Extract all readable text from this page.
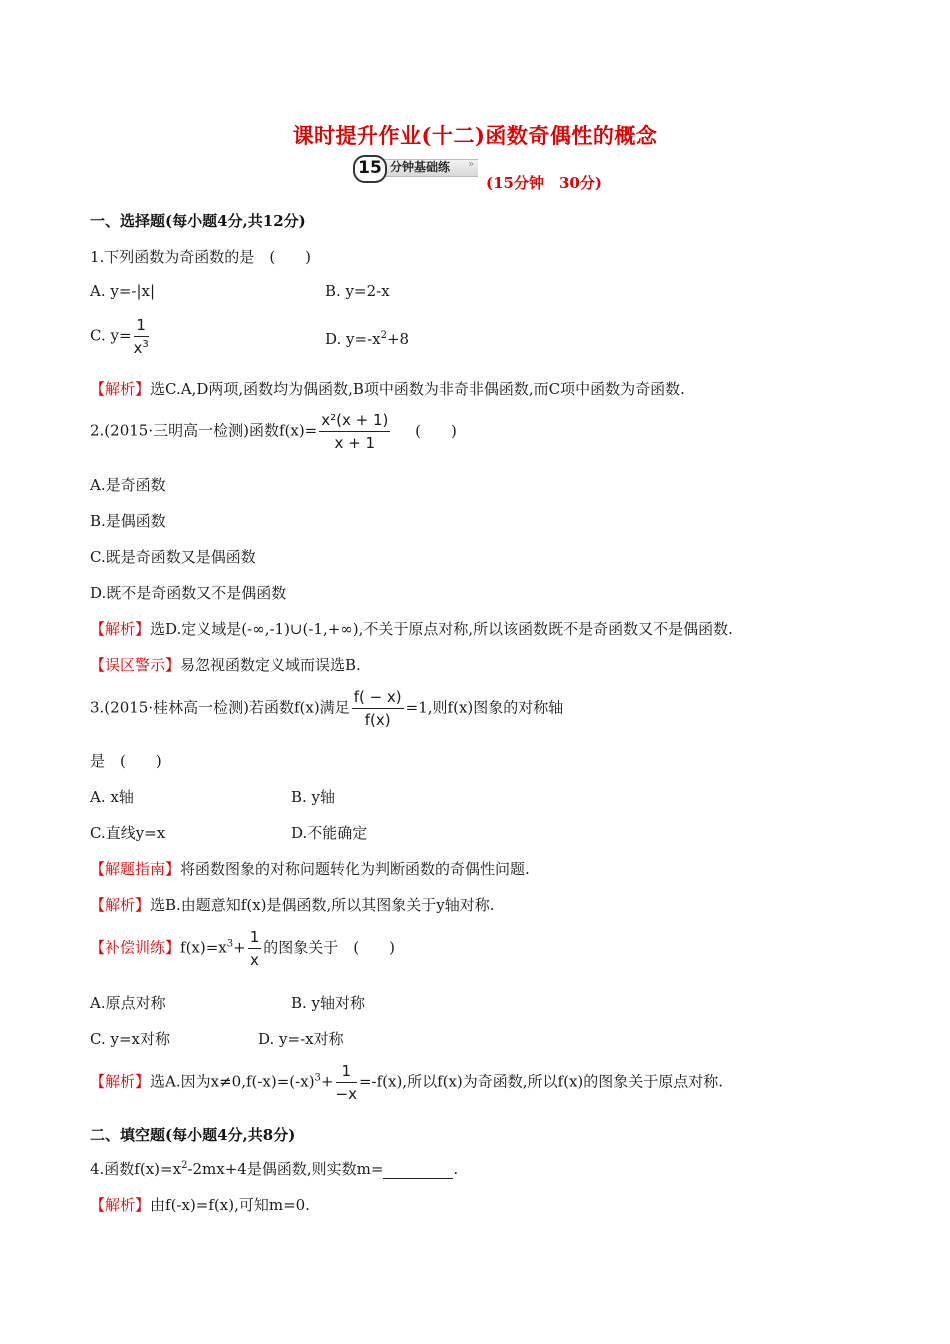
课时提升作业(十二)函数奇偶性的概念
15 分钟基础练 »
(15分钟　30分)
一、选择题(每小题4分,共12分)
1.下列函数为奇函数的是　(　　)
A. y=-|x|	B. y=2-x
C. $y= \frac{1}{x^3}$	D. $y=-x^2+8$
【解析】选C.A,D两项,函数均为偶函数,B项中函数为非奇非偶函数,而C项中函数为奇函数.
2.(2015·三明高一检测)函数$f(x)= \frac{\text{x²(x + 1)}}{x + 1}$ (　　)
A.是奇函数
B.是偶函数
C.既是奇函数又是偶函数
D.既不是奇函数又不是偶函数
【解析】选D.定义域是(-∞,-1)∪(-1,+∞),不关于原点对称,所以该函数既不是奇函数又不是偶函数.
【误区警示】易忽视函数定义域而误选B.
3.(2015·桂林高一检测)若函数f(x)满足 $\frac{f( - x)}{f(x)} =1$,则f(x)图象的对称轴
是　(　　)
A. x轴	B. y轴
C.直线y=x	D.不能确定
【解题指南】将函数图象的对称问题转化为判断函数的奇偶性问题.
【解析】选B.由题意知f(x)是偶函数,所以其图象关于y轴对称.
【补偿训练】$f(x)=x^3+ \frac{1}{x}$ 的图象关于　(　　)
A.原点对称	B. y轴对称
C. y=x对称	D. y=-x对称
【解析】选A.因为$x\ne 0,f(-x)=(-x)^3+ \frac{1}{-x} =-f(x)$,所以f(x)为奇函数,所以f(x)的图象关于原点对称.
二、填空题(每小题4分,共8分)
4.函数$f(x)=x^2-2mx+4$是偶函数,则实数m=	.
【解析】由f(-x)=f(x),可知m=0.
